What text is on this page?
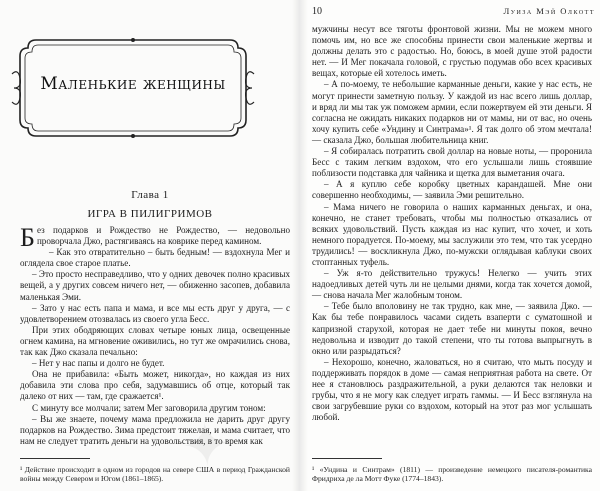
Маленькие женщины
Глава 1
ИГРА В ПИЛИГРИМОВ

Без подарков и Рождество не Рождество, — недовольно проворчала Джо, растягиваясь на коврике перед камином.

– Как это отвратительно – быть бедным! — вздохнула Мег и оглядела свое старое платье.

– Это просто несправедливо, что у одних девочек полно красивых вещей, а у других совсем ничего нет, — обиженно засопев, добавила маленькая Эми.

– Зато у нас есть папа и мама, и все мы есть друг у друга, — с удовлетворением отозвалась из своего угла Бесс.

При этих ободряющих словах четыре юных лица, освещенные огнем камина, на мгновение оживились, но тут же омрачились снова, так как Джо сказала печально:

– Нет у нас папы и долго не будет.

Она не прибавила: «Быть может, никогда», но каждая из них добавила эти слова про себя, задумавшись об отце, который так далеко от них — там, где сражается¹.

С минуту все молчали; затем Мег заговорила другим тоном:

– Вы же знаете, почему мама предложила не дарить друг другу подарков на Рождество. Зима предстоит тяжелая, и мама считает, что нам не следует тратить деньги на удовольствия, в то время как

¹ Действие происходит в одном из городов на севере США в период Гражданской войны между Севером и Югом (1861–1865).
10	Луиза Мэй Олкотт

мужчины несут все тяготы фронтовой жизни. Мы не можем много помочь им, но все же способны принести свои маленькие жертвы и должны делать это с радостью. Но, боюсь, в моей душе этой радости нет. — И Мег покачала головой, с грустью подумав обо всех красивых вещах, которые ей хотелось иметь.

– А по-моему, те небольшие карманные деньги, какие у нас есть, не могут принести заметную пользу. У каждой из нас всего лишь доллар, и вряд ли мы так уж поможем армии, если пожертвуем ей эти деньги. Я согласна не ожидать никаких подарков ни от мамы, ни от вас, но очень хочу купить себе «Ундину и Синтрама»¹. Я так долго об этом мечтала! — сказала Джо, большая любительница книг.

– Я собиралась потратить свой доллар на новые ноты, — проронила Бесс с таким легким вздохом, что его услышали лишь стоявшие поблизости подставка для чайника и щетка для выметания очага.

– А я куплю себе коробку цветных карандашей. Мне они совершенно необходимы, — заявила Эми решительно.

– Мама ничего не говорила о наших карманных деньгах, и она, конечно, не станет требовать, чтобы мы полностью отказались от всяких удовольствий. Пусть каждая из нас купит, что хочет, и хоть немного порадуется. По-моему, мы заслужили это тем, что так усердно трудились! — воскликнула Джо, по-мужски оглядывая каблуки своих стоптанных туфель.

– Уж я-то действительно тружусь! Нелегко — учить этих надоедливых детей чуть ли не целыми днями, когда так хочется домой, — снова начала Мег жалобным тоном.

– Тебе было вполовину не так трудно, как мне, — заявила Джо. — Как бы тебе понравилось часами сидеть взаперти с суматошной и капризной старухой, которая не дает тебе ни минуты покоя, вечно недовольна и изводит до такой степени, что ты готова выпрыгнуть в окно или разрыдаться?

– Нехорошо, конечно, жаловаться, но я считаю, что мыть посуду и поддерживать порядок в доме — самая неприятная работа на свете. От нее я становлюсь раздражительной, а руки делаются так неловки и грубы, что я не могу как следует играть гаммы. — И Бесс взглянула на свои загрубевшие руки со вздохом, который на этот раз мог услышать любой.

¹ «Ундина и Синтрам» (1811) — произведение немецкого писателя-романтика Фридриха де ла Мотт Фуке (1774–1843).
